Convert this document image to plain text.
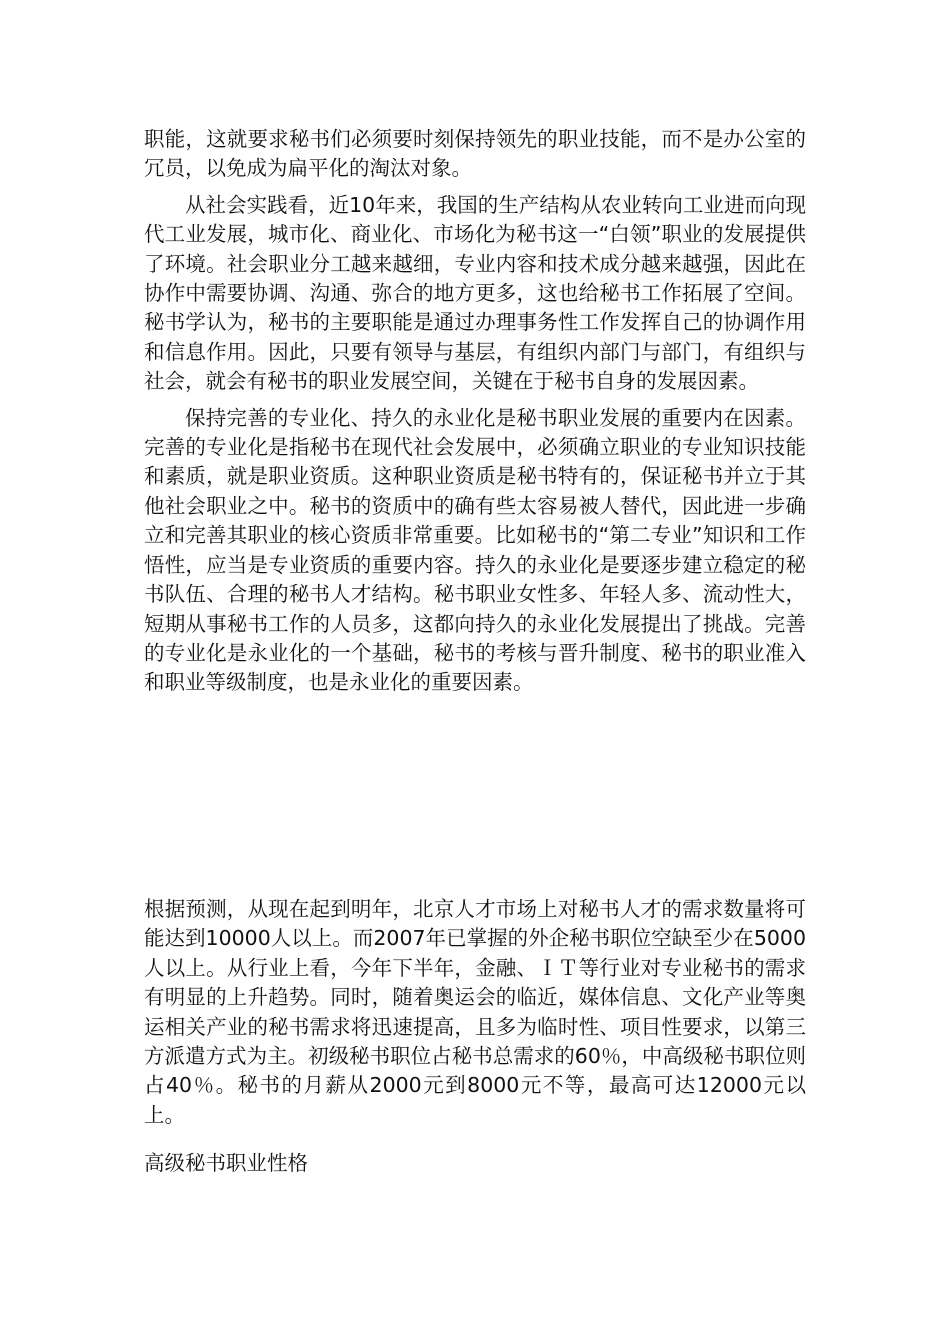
职能，这就要求秘书们必须要时刻保持领先的职业技能，而不是办公室的冗员，以免成为扁平化的淘汰对象。

从社会实践看，近10年来，我国的生产结构从农业转向工业进而向现代工业发展，城市化、商业化、市场化为秘书这一“白领”职业的发展提供了环境。社会职业分工越来越细，专业内容和技术成分越来越强，因此在协作中需要协调、沟通、弥合的地方更多，这也给秘书工作拓展了空间。秘书学认为，秘书的主要职能是通过办理事务性工作发挥自己的协调作用和信息作用。因此，只要有领导与基层，有组织内部门与部门，有组织与社会，就会有秘书的职业发展空间，关键在于秘书自身的发展因素。

保持完善的专业化、持久的永业化是秘书职业发展的重要内在因素。完善的专业化是指秘书在现代社会发展中，必须确立职业的专业知识技能和素质，就是职业资质。这种职业资质是秘书特有的，保证秘书并立于其他社会职业之中。秘书的资质中的确有些太容易被人替代，因此进一步确立和完善其职业的核心资质非常重要。比如秘书的“第二专业”知识和工作悟性，应当是专业资质的重要内容。持久的永业化是要逐步建立稳定的秘书队伍、合理的秘书人才结构。秘书职业女性多、年轻人多、流动性大，短期从事秘书工作的人员多，这都向持久的永业化发展提出了挑战。完善的专业化是永业化的一个基础，秘书的考核与晋升制度、秘书的职业准入和职业等级制度，也是永业化的重要因素。

根据预测，从现在起到明年，北京人才市场上对秘书人才的需求数量将可能达到10000人以上。而2007年已掌握的外企秘书职位空缺至少在5000人以上。从行业上看，今年下半年，金融、ＩＴ等行业对专业秘书的需求有明显的上升趋势。同时，随着奥运会的临近，媒体信息、文化产业等奥运相关产业的秘书需求将迅速提高，且多为临时性、项目性要求，以第三方派遣方式为主。初级秘书职位占秘书总需求的60％，中高级秘书职位则占40％。秘书的月薪从2000元到8000元不等，最高可达12000元以上。

高级秘书职业性格
